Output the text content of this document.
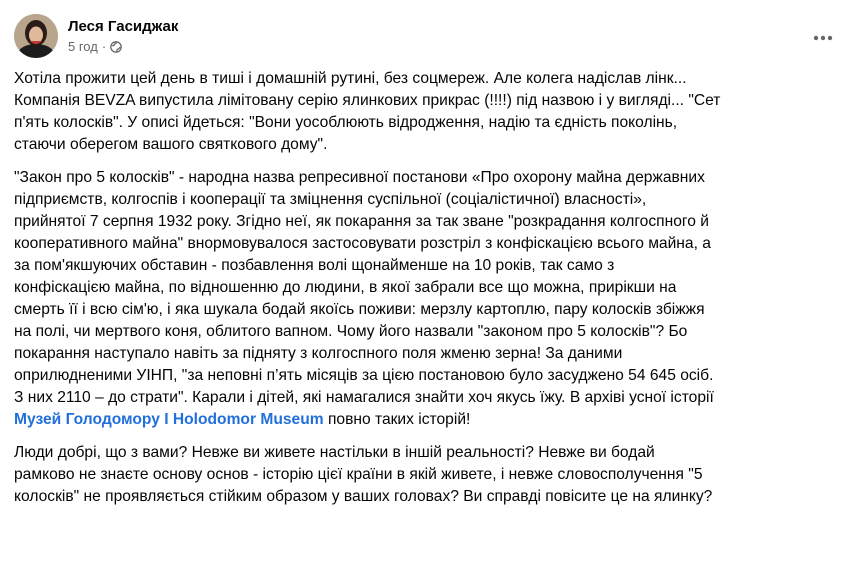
Леся Гасиджак
5 год ·

Хотіла прожити цей день в тиші і домашній рутині, без соцмереж. Але колега надіслав лінк...
Компанія BEVZA випустила лімітовану серію ялинкових прикрас (!!!!) під назвою і у вигляді... "Сет
п'ять колосків". У описі йдеться: "Вони уособлюють відродження, надію та єдність поколінь,
стаючи оберегом вашого святкового дому".

"Закон про 5 колосків" - народна назва репресивної постанови «Про охорону майна державних
підприємств, колгоспів і кооперації та зміцнення суспільної (соціалістичної) власності»,
прийнятої 7 серпня 1932 року. Згідно неї, як покарання за так зване "розкрадання колгоспного й
кооперативного майна" внормовувалося застосовувати розстріл з конфіскацією всього майна, а
за пом'якшуючих обставин - позбавлення волі щонайменше на 10 років, так само з
конфіскацією майна, по відношенню до людини, в якої забрали все що можна, прирікши на
смерть її і всю сім'ю, і яка шукала бодай якоїсь поживи: мерзлу картоплю, пару колосків збіжжя
на полі, чи мертвого коня, облитого вапном. Чому його назвали "законом про 5 колосків"? Бо
покарання наступало навіть за підняту з колгоспного поля жменю зерна! За даними
оприлюдненими УІНП, "за неповні п’ять місяців за цією постановою було засуджено 54 645 осіб.
З них 2110 – до страти". Карали і дітей, які намагалися знайти хоч якусь їжу. В архіві усної історії
Музей Голодомору I Holodomor Museum повно таких історій!

Люди добрі, що з вами? Невже ви живете настільки в іншій реальності? Невже ви бодай
рамково не знаєте основу основ - історію цієї країни в якій живете, і невже словосполучення "5
колосків" не проявляється стійким образом у ваших головах? Ви справді повісите це на ялинку?
